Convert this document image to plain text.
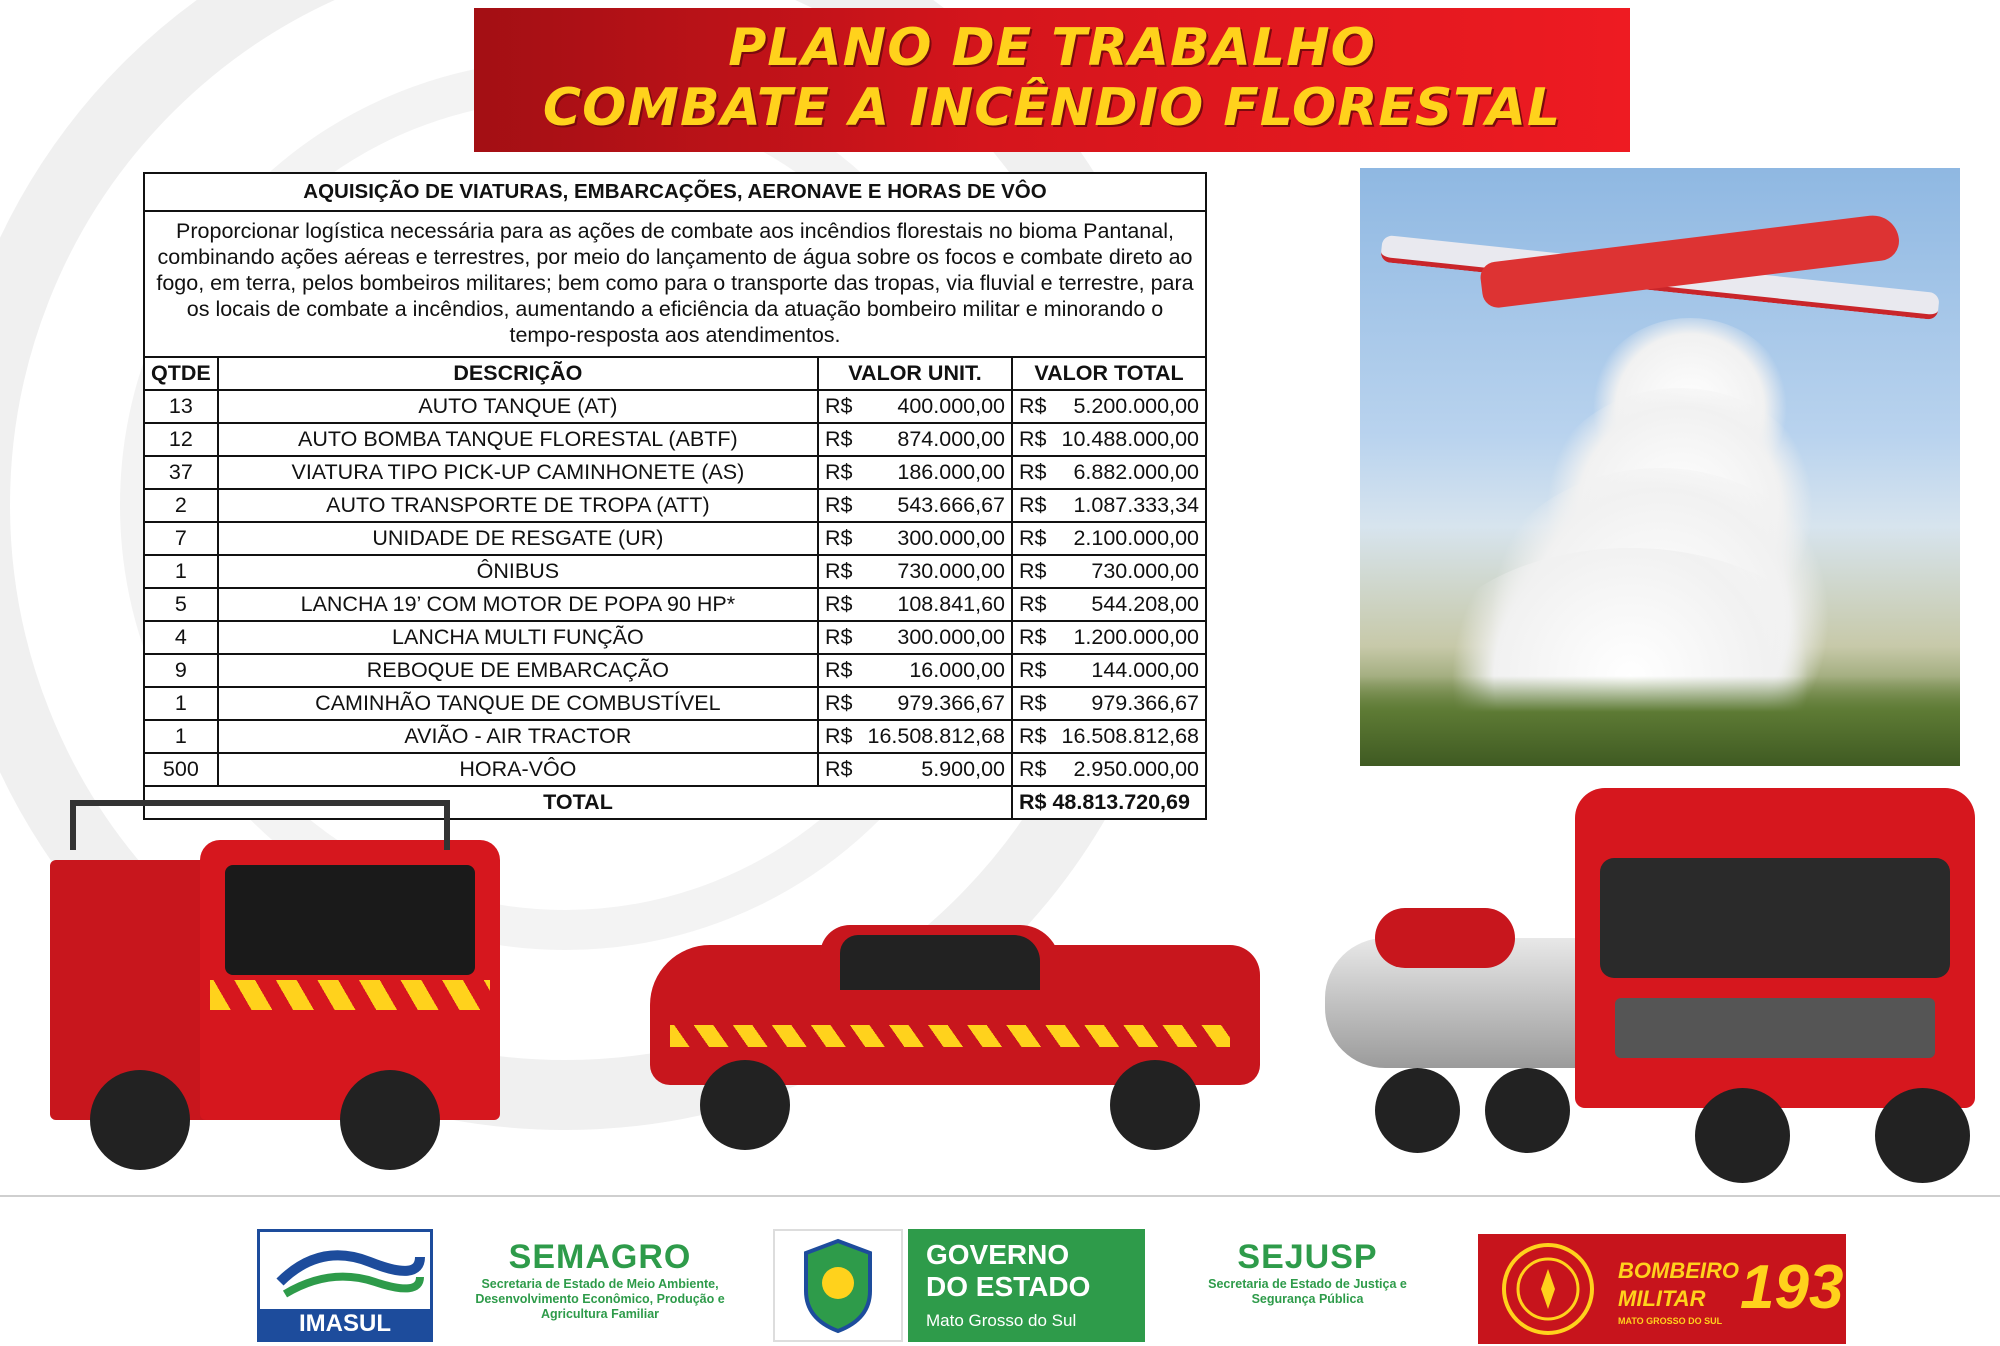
PLANO DE TRABALHO
COMBATE A INCÊNDIO FLORESTAL
AQUISIÇÃO DE VIATURAS, EMBARCAÇÕES, AERONAVE E HORAS DE VÔO			
Proporcionar logística necessária para as ações de combate aos incêndios florestais no bioma Pantanal, combinando ações aéreas e terrestres, por meio do lançamento de água sobre os focos e combate direto ao fogo, em terra, pelos bombeiros militares; bem como para o transporte das tropas, via fluvial e terrestre, para os locais de combate a incêndios, aumentando a eficiência da atuação bombeiro militar e minorando o tempo-resposta aos atendimentos.			
QTDE	DESCRIÇÃO	VALOR UNIT.	VALOR TOTAL
13	AUTO TANQUE (AT)	R$ 400.000,00	R$ 5.200.000,00

12	AUTO BOMBA TANQUE FLORESTAL (ABTF)	R$ 874.000,00	R$ 10.488.000,00

37	VIATURA TIPO PICK-UP CAMINHONETE (AS)	R$ 186.000,00	R$ 6.882.000,00

2	AUTO TRANSPORTE DE TROPA (ATT)	R$ 543.666,67	R$ 1.087.333,34

7	UNIDADE DE RESGATE (UR)	R$ 300.000,00	R$ 2.100.000,00

1	ÔNIBUS	R$ 730.000,00	R$ 730.000,00

5	LANCHA 19’ COM MOTOR DE POPA 90 HP*	R$ 108.841,60	R$ 544.208,00

4	LANCHA MULTI FUNÇÃO	R$ 300.000,00	R$ 1.200.000,00

9	REBOQUE DE EMBARCAÇÃO	R$ 16.000,00	R$ 144.000,00

1	CAMINHÃO TANQUE DE COMBUSTÍVEL	R$ 979.366,67	R$ 979.366,67

1	AVIÃO - AIR TRACTOR	R$ 16.508.812,68	R$ 16.508.812,68

500	HORA-VÔO	R$ 5.900,00	R$ 2.950.000,00

TOTAL			R$ 48.813.720,69
IMASUL
SEMAGRO
Secretaria de Estado de Meio Ambiente, Desenvolvimento Econômico, Produção e Agricultura Familiar
GOVERNO
DO ESTADO
Mato Grosso do Sul
SEJUSP
Secretaria de Estado de Justiça e Segurança Pública
BOMBEIRO
MILITAR 193
MATO GROSSO DO SUL
